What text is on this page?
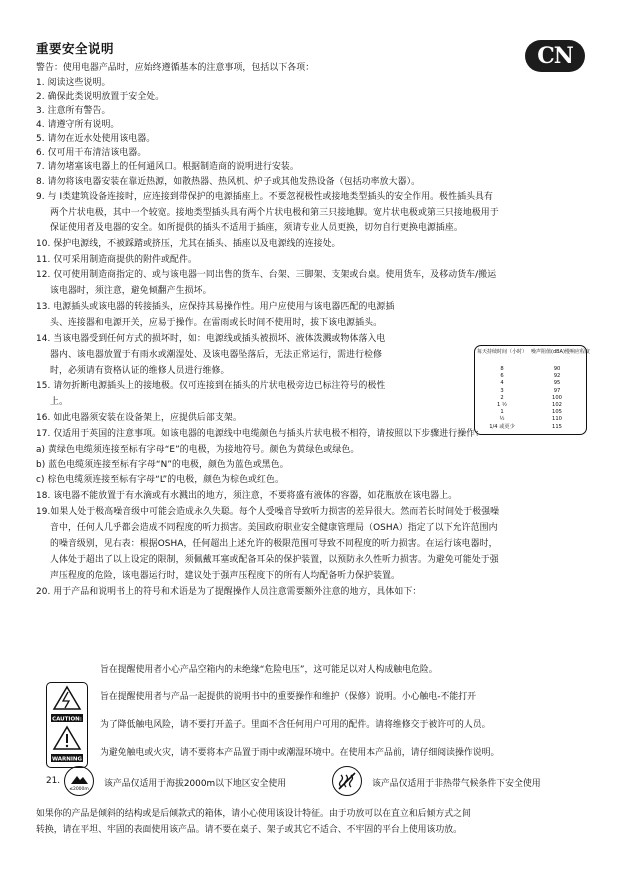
重要安全说明	CN
警告：使用电器产品时，应始终遵循基本的注意事项，包括以下各项：
1. 阅读这些说明。
2. 确保此类说明放置于安全处。
3. 注意所有警告。
4. 请遵守所有说明。
5. 请勿在近水处使用该电器。
6. 仅可用干布清洁该电器。
7. 请勿堵塞该电器上的任何通风口。根据制造商的说明进行安装。
8. 请勿将该电器安装在靠近热源，如散热器、热风机、炉子或其他发热设备（包括功率放大器）。
9. 与 I类建筑设备连接时，应连接到带保护的电源插座上。不要忽视极性或接地类型插头的安全作用。极性插头具有
两个片状电极，其中一个较宽。接地类型插头具有两个片状电极和第三只接地脚。宽片状电极或第三只接地极用于
保证使用者及电器的安全。如所提供的插头不适用于插座，须请专业人员更换，切勿自行更换电源插座。
10. 保护电源线，不被踩踏或挤压，尤其在插头、插座以及电源线的连接处。
11. 仅可采用制造商提供的附件或配件。
12. 仅可使用制造商指定的、或与该电器一同出售的货车、台架、三脚架、支架或台桌。使用货车，及移动货车/搬运
该电器时，须注意，避免倾翻产生损坏。
13. 电源插头或该电器的转接插头，应保持其易操作性。用户应使用与该电器匹配的电源插
头、连接器和电源开关，应易于操作。在雷雨或长时间不使用时，拔下该电源插头。
14. 当该电器受到任何方式的损坏时，如：电源线或插头被损坏、液体泼溅或物体落入电
器内、该电器放置于有雨水或潮湿处、及该电器坠落后，无法正常运行，需进行检修
时，必须请有资格认证的维修人员进行维修。
15. 请勿折断电源插头上的接地极。仅可连接到在插头的片状电极旁边已标注符号的极性
上。
16. 如此电器须安装在设备架上，应提供后部支架。
17. 仅适用于英国的注意事项。如该电器的电源线中电缆颜色与插头片状电极不相符，请按照以下步骤进行操作：
a) 黄绿色电缆须连接至标有字母“E”的电极，为接地符号。颜色为黄绿色或绿色。
b) 蓝色电缆须连接至标有字母“N”的电极，颜色为蓝色或黑色。
c) 棕色电缆须连接至标有字母“L”的电极，颜色为棕色或红色。
18. 该电器不能放置于有水滴或有水溅出的地方，须注意，不要将盛有液体的容器，如花瓶放在该电器上。
19.如果人处于极高噪音级中可能会造成永久失聪。每个人受噪音导致听力损害的差异很大。然而若长时间处于极强噪
音中，任何人几乎都会造成不同程度的听力损害。美国政府职业安全健康管理局（OSHA）指定了以下允许范围内
的噪音级别，见右表：根据OSHA，任何超出上述允许的极限范围可导致不同程度的听力损害。在运行该电器时，
人体处于超出了以上设定的限制，须佩戴耳塞或配备耳朵的保护装置，以预防永久性听力损害。为避免可能处于强
声压程度的危险，该电器运行时，建议处于强声压程度下的所有人均配备听力保护装置。
20. 用于产品和说明书上的符号和术语是为了提醒操作人员注意需要额外注意的地方，具体如下：
每天持续时间（小时） 噪声阻值(dBA)慢响应程度
8
6
4
3
2
1 ½
1
½
1/4 或更少
90
92
95
97
100
102
105
110
115
旨在提醒使用者小心产品空箱内的未绝缘“危险电压”，这可能足以对人构成触电危险。
旨在提醒使用者与产品一起提供的说明书中的重要操作和维护（保修）说明。小心触电-不能打开
为了降低触电风险，请不要打开盖子。里面不含任何用户可用的配件。请将维修交于被许可的人员。
为避免触电或火灾，请不要将本产品置于雨中或潮湿环境中。在使用本产品前，请仔细阅读操作说明。
CAUTION:
WARNING
21.
≤2000m
该产品仅适用于海拔2000m以下地区安全使用	该产品仅适用于非热带气候条件下安全使用
如果你的产品是倾斜的结构或是后倾款式的箱体，请小心使用该设计特征。由于功放可以在直立和后倾方式之间
转换，请在平坦、牢固的表面使用该产品。请不要在桌子、架子或其它不适合、不牢固的平台上使用该功放。
